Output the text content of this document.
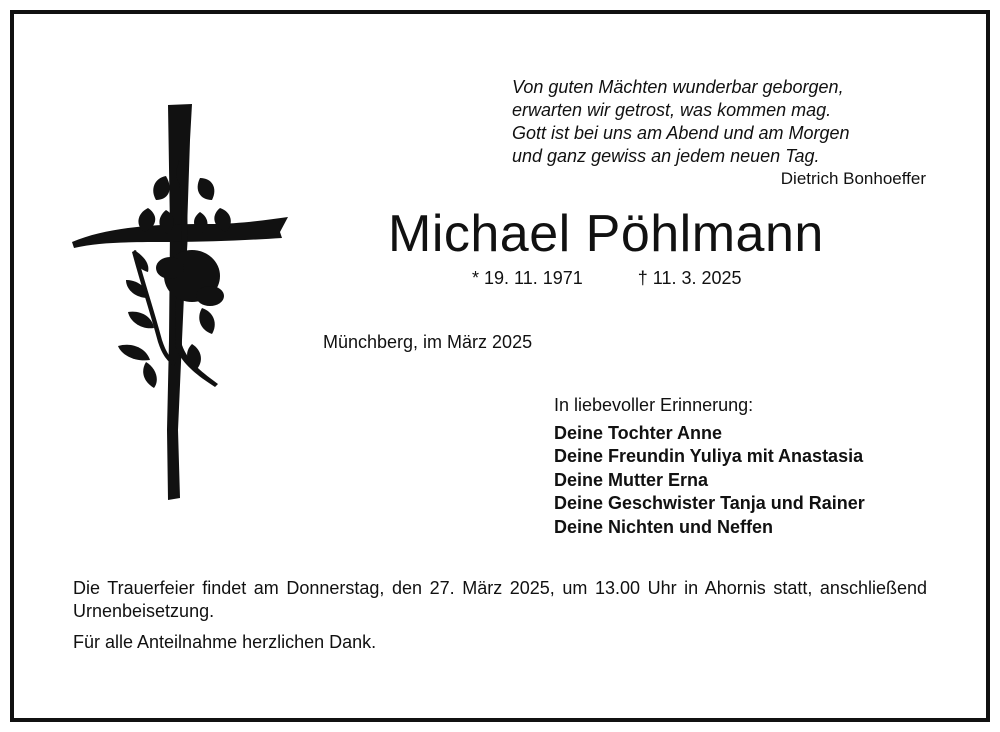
Von guten Mächten wunderbar geborgen,
erwarten wir getrost, was kommen mag.
Gott ist bei uns am Abend und am Morgen
und ganz gewiss an jedem neuen Tag.
Dietrich Bonhoeffer
Michael Pöhlmann
* 19. 11. 1971	† 11. 3. 2025
Münchberg, im März 2025
In liebevoller Erinnerung:
Deine Tochter Anne
Deine Freundin Yuliya mit Anastasia
Deine Mutter Erna
Deine Geschwister Tanja und Rainer
Deine Nichten und Neffen
Die Trauerfeier findet am Donnerstag, den 27. März 2025, um 13.00 Uhr in Ahornis statt, anschließend Urnenbeisetzung.
Für alle Anteilnahme herzlichen Dank.
